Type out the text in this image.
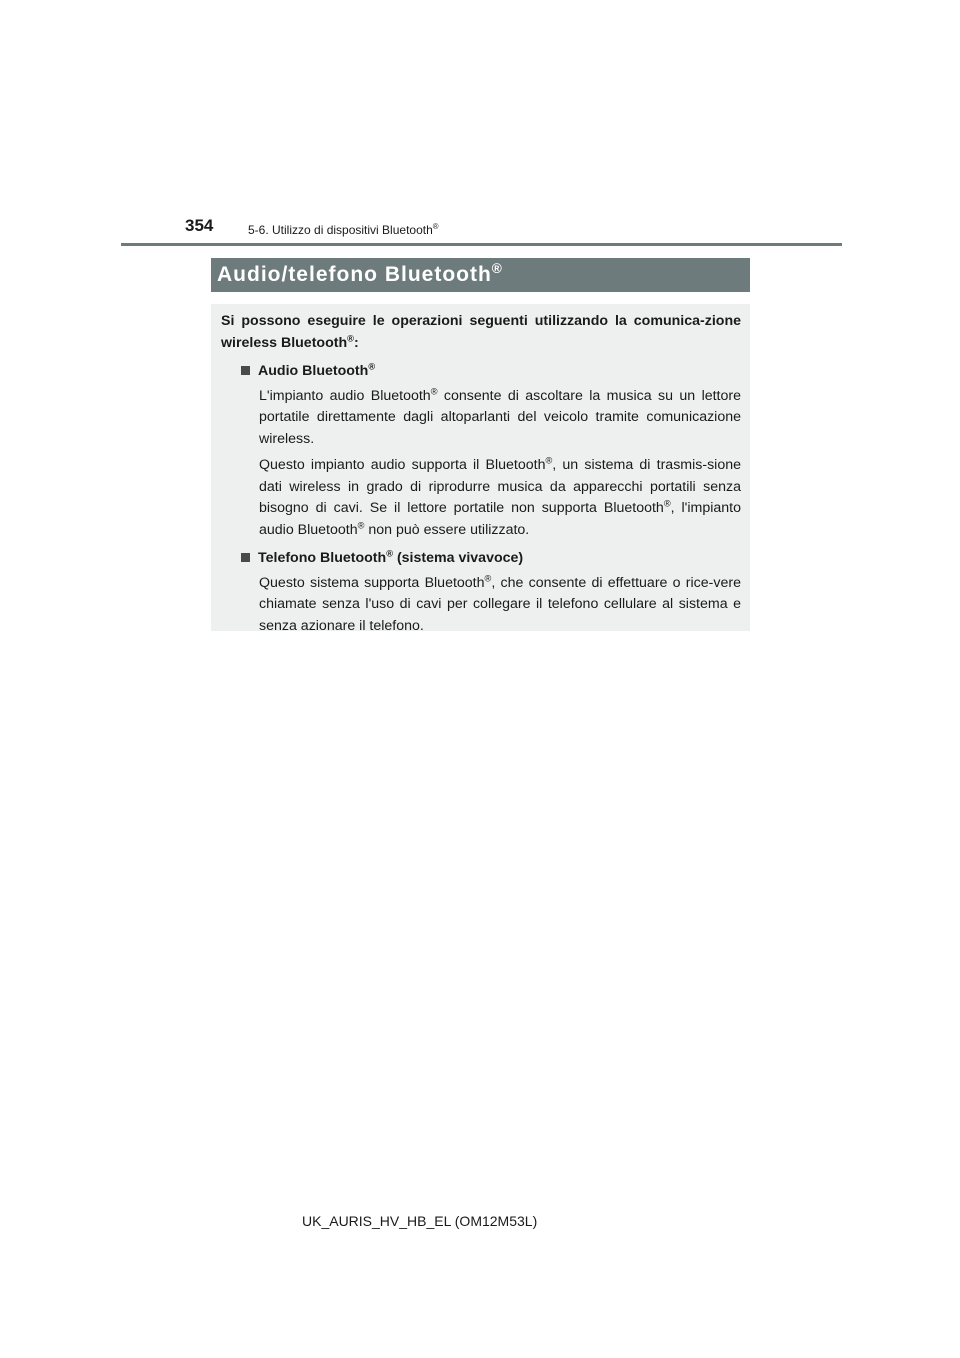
354	5-6. Utilizzo di dispositivi Bluetooth®
Audio/telefono Bluetooth®

Si possono eseguire le operazioni seguenti utilizzando la comunica-zione wireless Bluetooth®:

Audio Bluetooth®

L'impianto audio Bluetooth® consente di ascoltare la musica su un lettore portatile direttamente dagli altoparlanti del veicolo tramite comunicazione wireless.

Questo impianto audio supporta il Bluetooth®, un sistema di trasmis-sione dati wireless in grado di riprodurre musica da apparecchi portatili senza bisogno di cavi. Se il lettore portatile non supporta Bluetooth®, l'impianto audio Bluetooth® non può essere utilizzato.

Telefono Bluetooth® (sistema vivavoce)

Questo sistema supporta Bluetooth®, che consente di effettuare o rice-vere chiamate senza l'uso di cavi per collegare il telefono cellulare al sistema e senza azionare il telefono.

UK_AURIS_HV_HB_EL (OM12M53L)
